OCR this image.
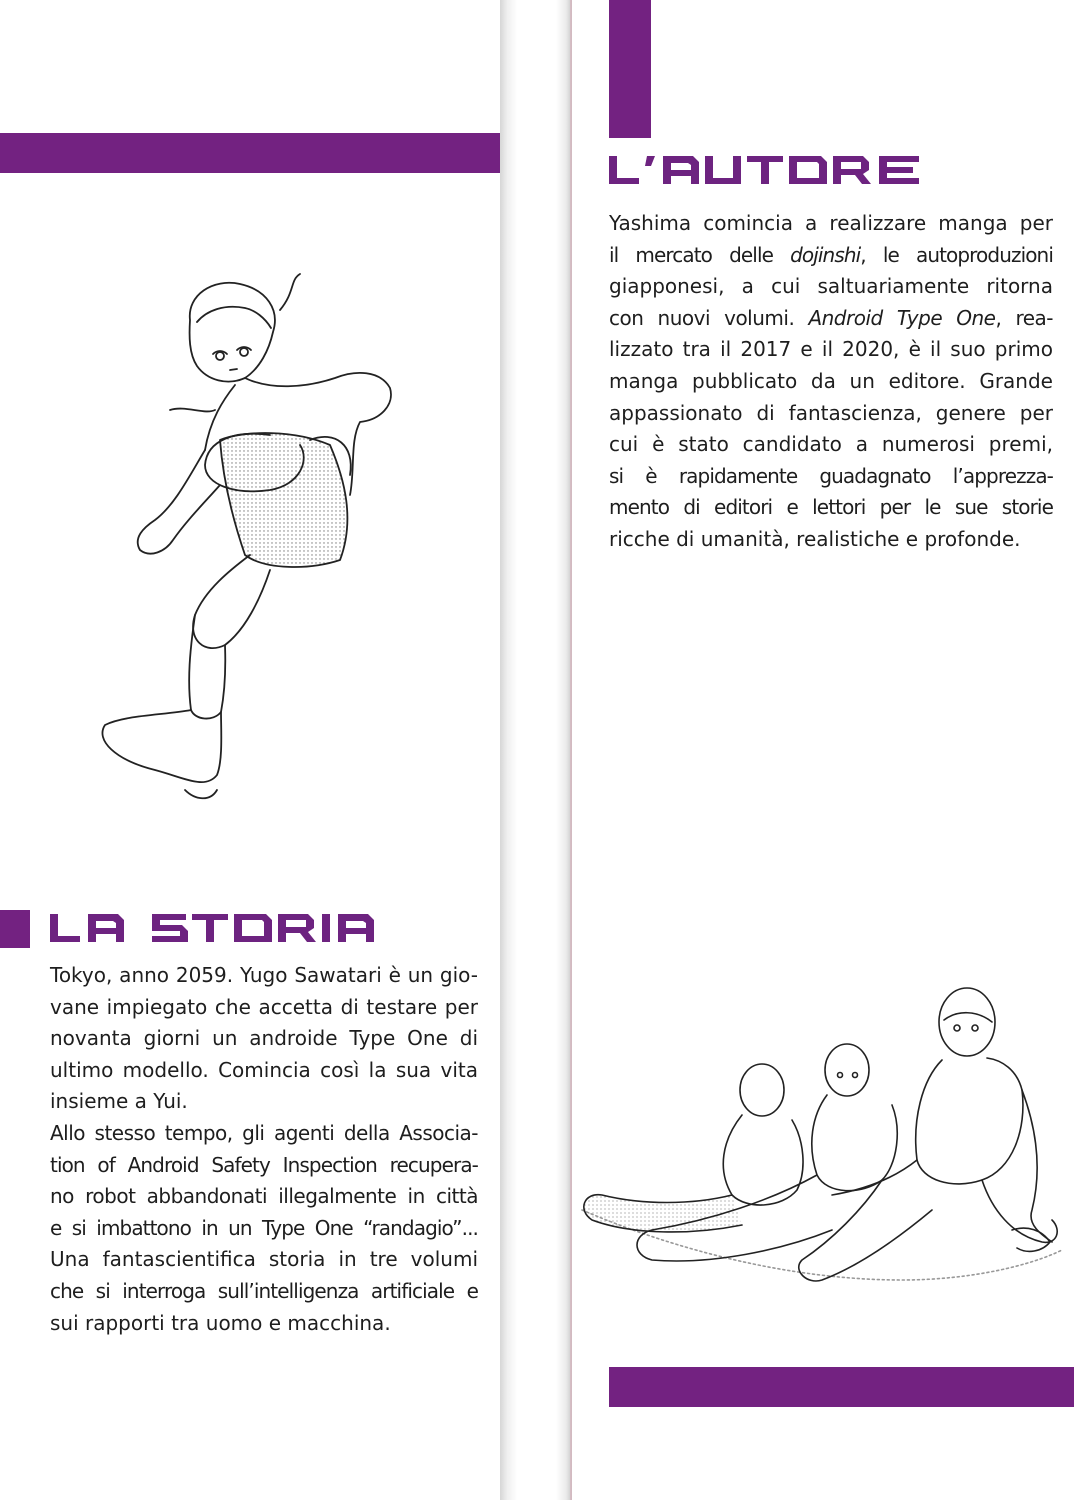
Tokyo, anno 2059. Yugo Sawatari è un gio-
vane impiegato che accetta di testare per
novanta giorni un androide Type One di
ultimo modello. Comincia così la sua vita
insieme a Yui.
Allo stesso tempo, gli agenti della Associa-
tion of Android Safety Inspection recupera-
no robot abbandonati illegalmente in città
e si imbattono in un Type One “randagio”...
Una fantascientifica storia in tre volumi
che si interroga sull’intelligenza artificiale e
sui rapporti tra uomo e macchina.
Yashima comincia a realizzare manga per
il mercato delle dojinshi, le autoproduzioni
giapponesi, a cui saltuariamente ritorna
con nuovi volumi. Android Type One, rea-
lizzato tra il 2017 e il 2020, è il suo primo
manga pubblicato da un editore. Grande
appassionato di fantascienza, genere per
cui è stato candidato a numerosi premi,
si è rapidamente guadagnato l’apprezza-
mento di editori e lettori per le sue storie
ricche di umanità, realistiche e profonde.
